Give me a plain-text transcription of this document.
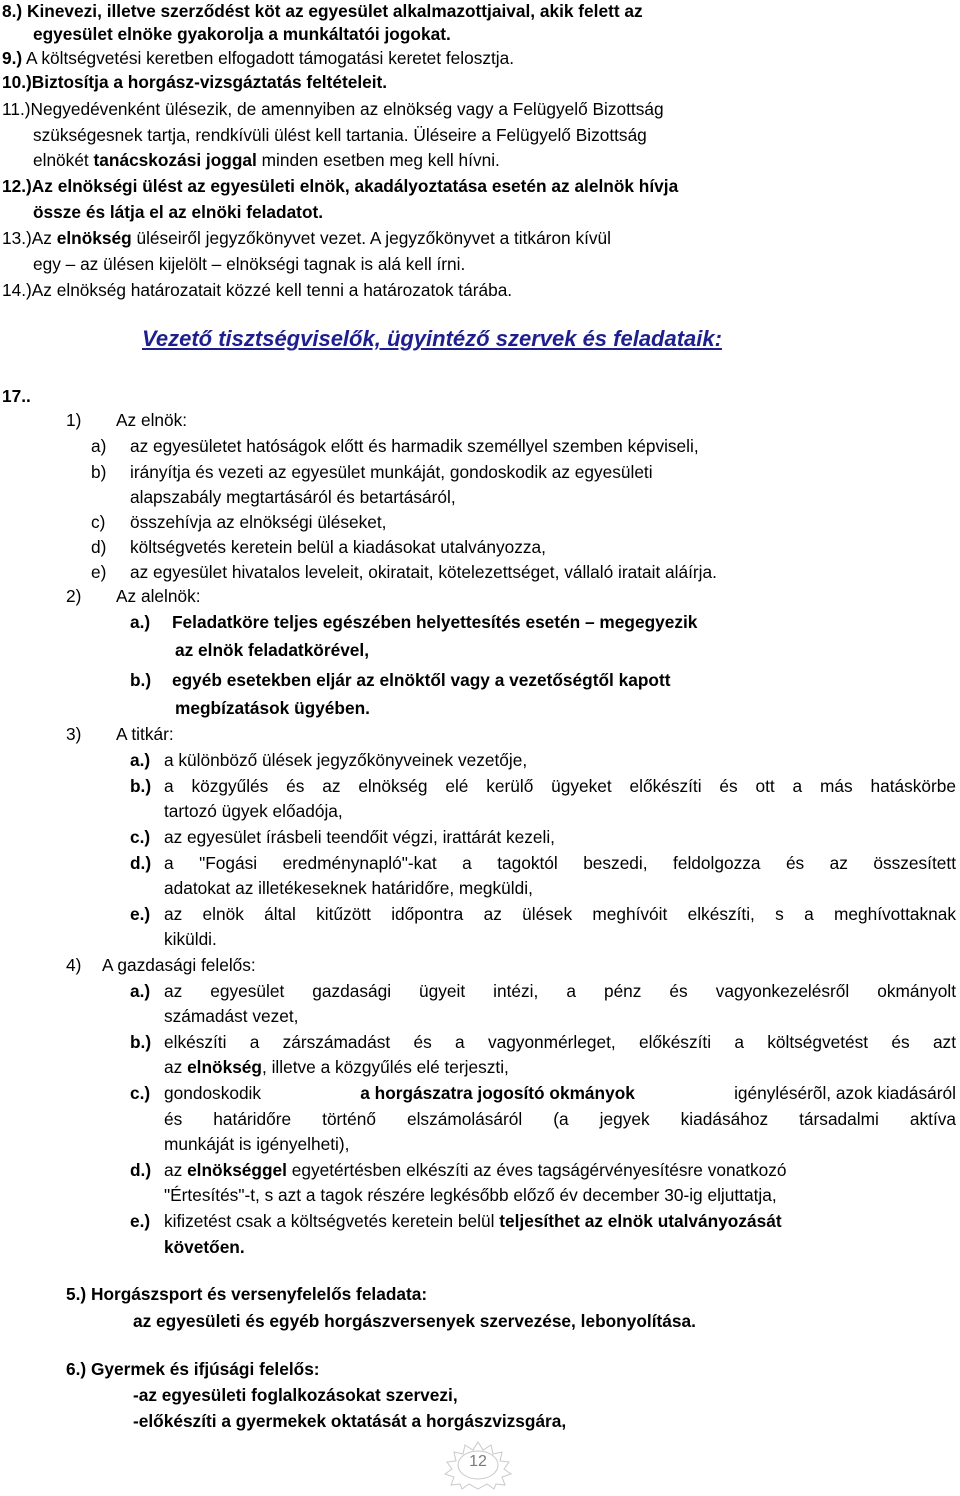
8.) Kinevezi, illetve szerződést köt az egyesület alkalmazottjaival, akik felett az
egyesület elnöke gyakorolja a munkáltatói jogokat.
9.) A költségvetési keretben elfogadott támogatási keretet felosztja.
10.)Biztosítja a horgász-vizsgáztatás feltételeit.
11.)Negyedévenként ülésezik, de amennyiben az elnökség vagy a Felügyelő Bizottság
szükségesnek tartja, rendkívüli ülést kell tartania. Üléseire a Felügyelő Bizottság
elnökét tanácskozási joggal minden esetben meg kell hívni.
12.)Az elnökségi ülést az egyesületi elnök, akadályoztatása esetén az alelnök hívja
össze és látja el az elnöki feladatot.
13.)Az elnökség üléseiről jegyzőkönyvet vezet. A jegyzőkönyvet a titkáron kívül
egy – az ülésen kijelölt – elnökségi tagnak is alá kell írni.
14.)Az elnökség határozatait közzé kell tenni a határozatok tárába.
Vezető tisztségviselők, ügyintéző szervek és feladataik:
17..
1) Az elnök:
a) az egyesületet hatóságok előtt és harmadik személlyel szemben képviseli,
b) irányítja és vezeti az egyesület munkáját, gondoskodik az egyesületi
alapszabály megtartásáról és betartásáról,
c) összehívja az elnökségi üléseket,
d) költségvetés keretein belül a kiadásokat utalványozza,
e) az egyesület hivatalos leveleit, okiratait, kötelezettséget, vállaló iratait aláírja.
2) Az alelnök:
a.) Feladatköre teljes egészében helyettesítés esetén – megegyezik
az elnök feladatkörével,
b.) egyéb esetekben eljár az elnöktől vagy a vezetőségtől kapott
megbízatások ügyében.
3) A titkár:
a.) a különböző ülések jegyzőkönyveinek vezetője,
b.) a közgyűlés és az elnökség elé kerülő ügyeket előkészíti és ott a más hatáskörbe
tartozó ügyek előadója,
c.) az egyesület írásbeli teendőit végzi, irattárát kezeli,
d.) a "Fogási eredménynapló"-kat a tagoktól beszedi, feldolgozza és az összesített
adatokat az illetékeseknek határidőre, megküldi,
e.) az elnök által kitűzött időpontra az ülések meghívóit elkészíti, s a meghívottaknak
kiküldi.
4) A gazdasági felelős:
a.) az egyesület gazdasági ügyeit intézi, a pénz és vagyonkezelésről okmányolt
számadást vezet,
b.) elkészíti a zárszámadást és a vagyonmérleget, előkészíti a költségvetést és azt
az elnökség, illetve a közgyűlés elé terjeszti,
c.) gondoskodik	a horgászatra jogosító okmányok	igénylésérõl, azok kiadásáról
és határidőre történő elszámolásáról (a jegyek kiadásához társadalmi aktíva
munkáját is igényelheti),
d.) az elnökséggel egyetértésben elkészíti az éves tagságérvényesítésre vonatkozó
"Értesítés"-t, s azt a tagok részére legkésőbb előző év december 30-ig eljuttatja,
e.) kifizetést csak a költségvetés keretein belül teljesíthet az elnök utalványozását
követően.
5.) Horgászsport és versenyfelelős feladata:
az egyesületi és egyéb horgászversenyek szervezése, lebonyolítása.
6.) Gyermek és ifjúsági felelős:
-az egyesületi foglalkozásokat szervezi,
-előkészíti a gyermekek oktatását a horgászvizsgára,
12
